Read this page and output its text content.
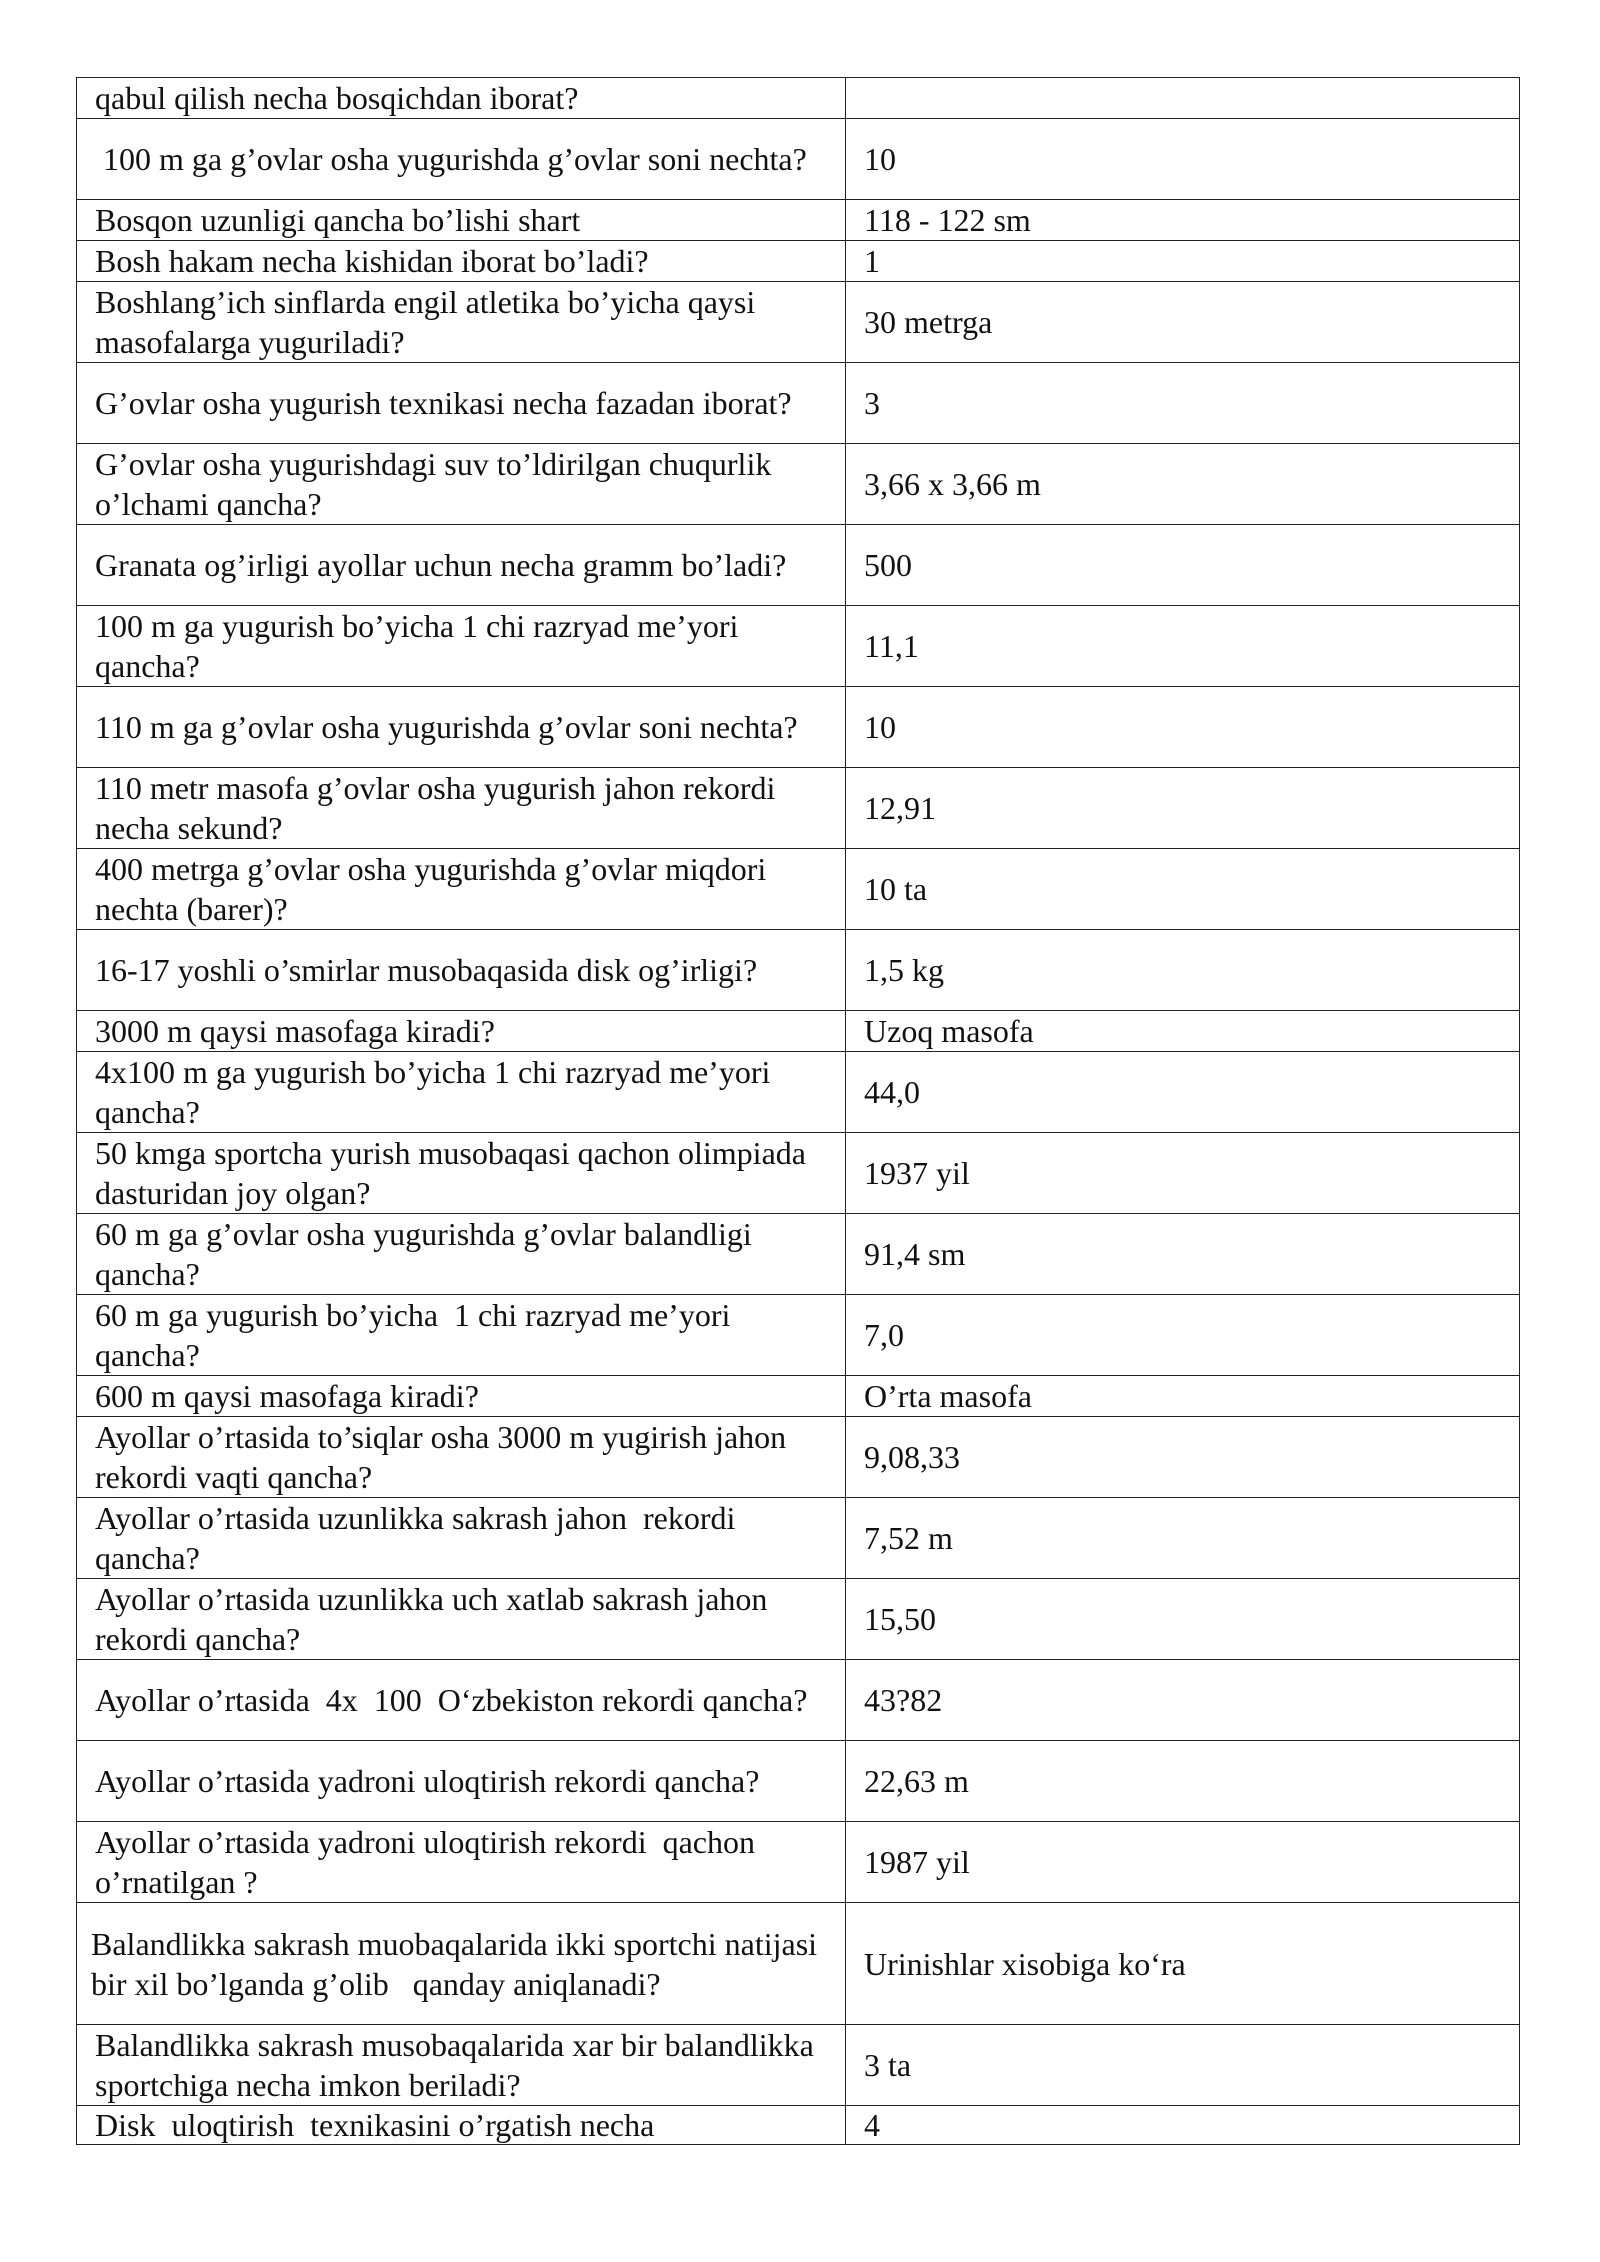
qabul qilish necha bosqichdan iborat?	
100 m ga g’ovlar osha yugurishda g’ovlar soni nechta?	10
Bosqon uzunligi qancha bo’lishi shart	118 - 122 sm
Bosh hakam necha kishidan iborat bo’ladi?	1
Boshlang’ich sinflarda engil atletika bo’yicha qaysi masofalarga yuguriladi?	30 metrga
G’ovlar osha yugurish texnikasi necha fazadan iborat?	3
G’ovlar osha yugurishdagi suv to’ldirilgan chuqurlik o’lchami qancha?	3,66 x 3,66 m
Granata og’irligi ayollar uchun necha gramm bo’ladi?	500
100 m ga yugurish bo’yicha 1 chi razryad me’yori qancha?	11,1
110 m ga g’ovlar osha yugurishda g’ovlar soni nechta?	10
110 metr masofa g’ovlar osha yugurish jahon rekordi necha sekund?	12,91
400 metrga g’ovlar osha yugurishda g’ovlar miqdori nechta (barer)?	10 ta
16-17 yoshli o’smirlar musobaqasida disk og’irligi?	1,5 kg
3000 m qaysi masofaga kiradi?	Uzoq masofa
4x100 m ga yugurish bo’yicha 1 chi razryad me’yori qancha?	44,0
50 kmga sportcha yurish musobaqasi qachon olimpiada dasturidan joy olgan?	1937 yil
60 m ga g’ovlar osha yugurishda g’ovlar balandligi qancha?	91,4 sm
60 m ga yugurish bo’yicha  1 chi razryad me’yori qancha?	7,0
600 m qaysi masofaga kiradi?	O’rta masofa
Ayollar o’rtasida to’siqlar osha 3000 m yugirish jahon rekordi vaqti qancha?	9,08,33
Ayollar o’rtasida uzunlikka sakrash jahon  rekordi qancha?	7,52 m
Ayollar o’rtasida uzunlikka uch xatlab sakrash jahon rekordi qancha?	15,50
Ayollar o’rtasida  4x  100  O‘zbekiston rekordi qancha?	43?82
Ayollar o’rtasida yadroni uloqtirish rekordi qancha?	22,63 m
Ayollar o’rtasida yadroni uloqtirish rekordi  qachon o’rnatilgan ?	1987 yil
Balandlikka sakrash muobaqalarida ikki sportchi natijasi  bir xil bo’lganda g’olib   qanday aniqlanadi?	Urinishlar xisobiga ko‘ra
Balandlikka sakrash musobaqalarida xar bir balandlikka sportchiga necha imkon beriladi?	3 ta
Disk  uloqtirish  texnikasini o’rgatish necha	4
